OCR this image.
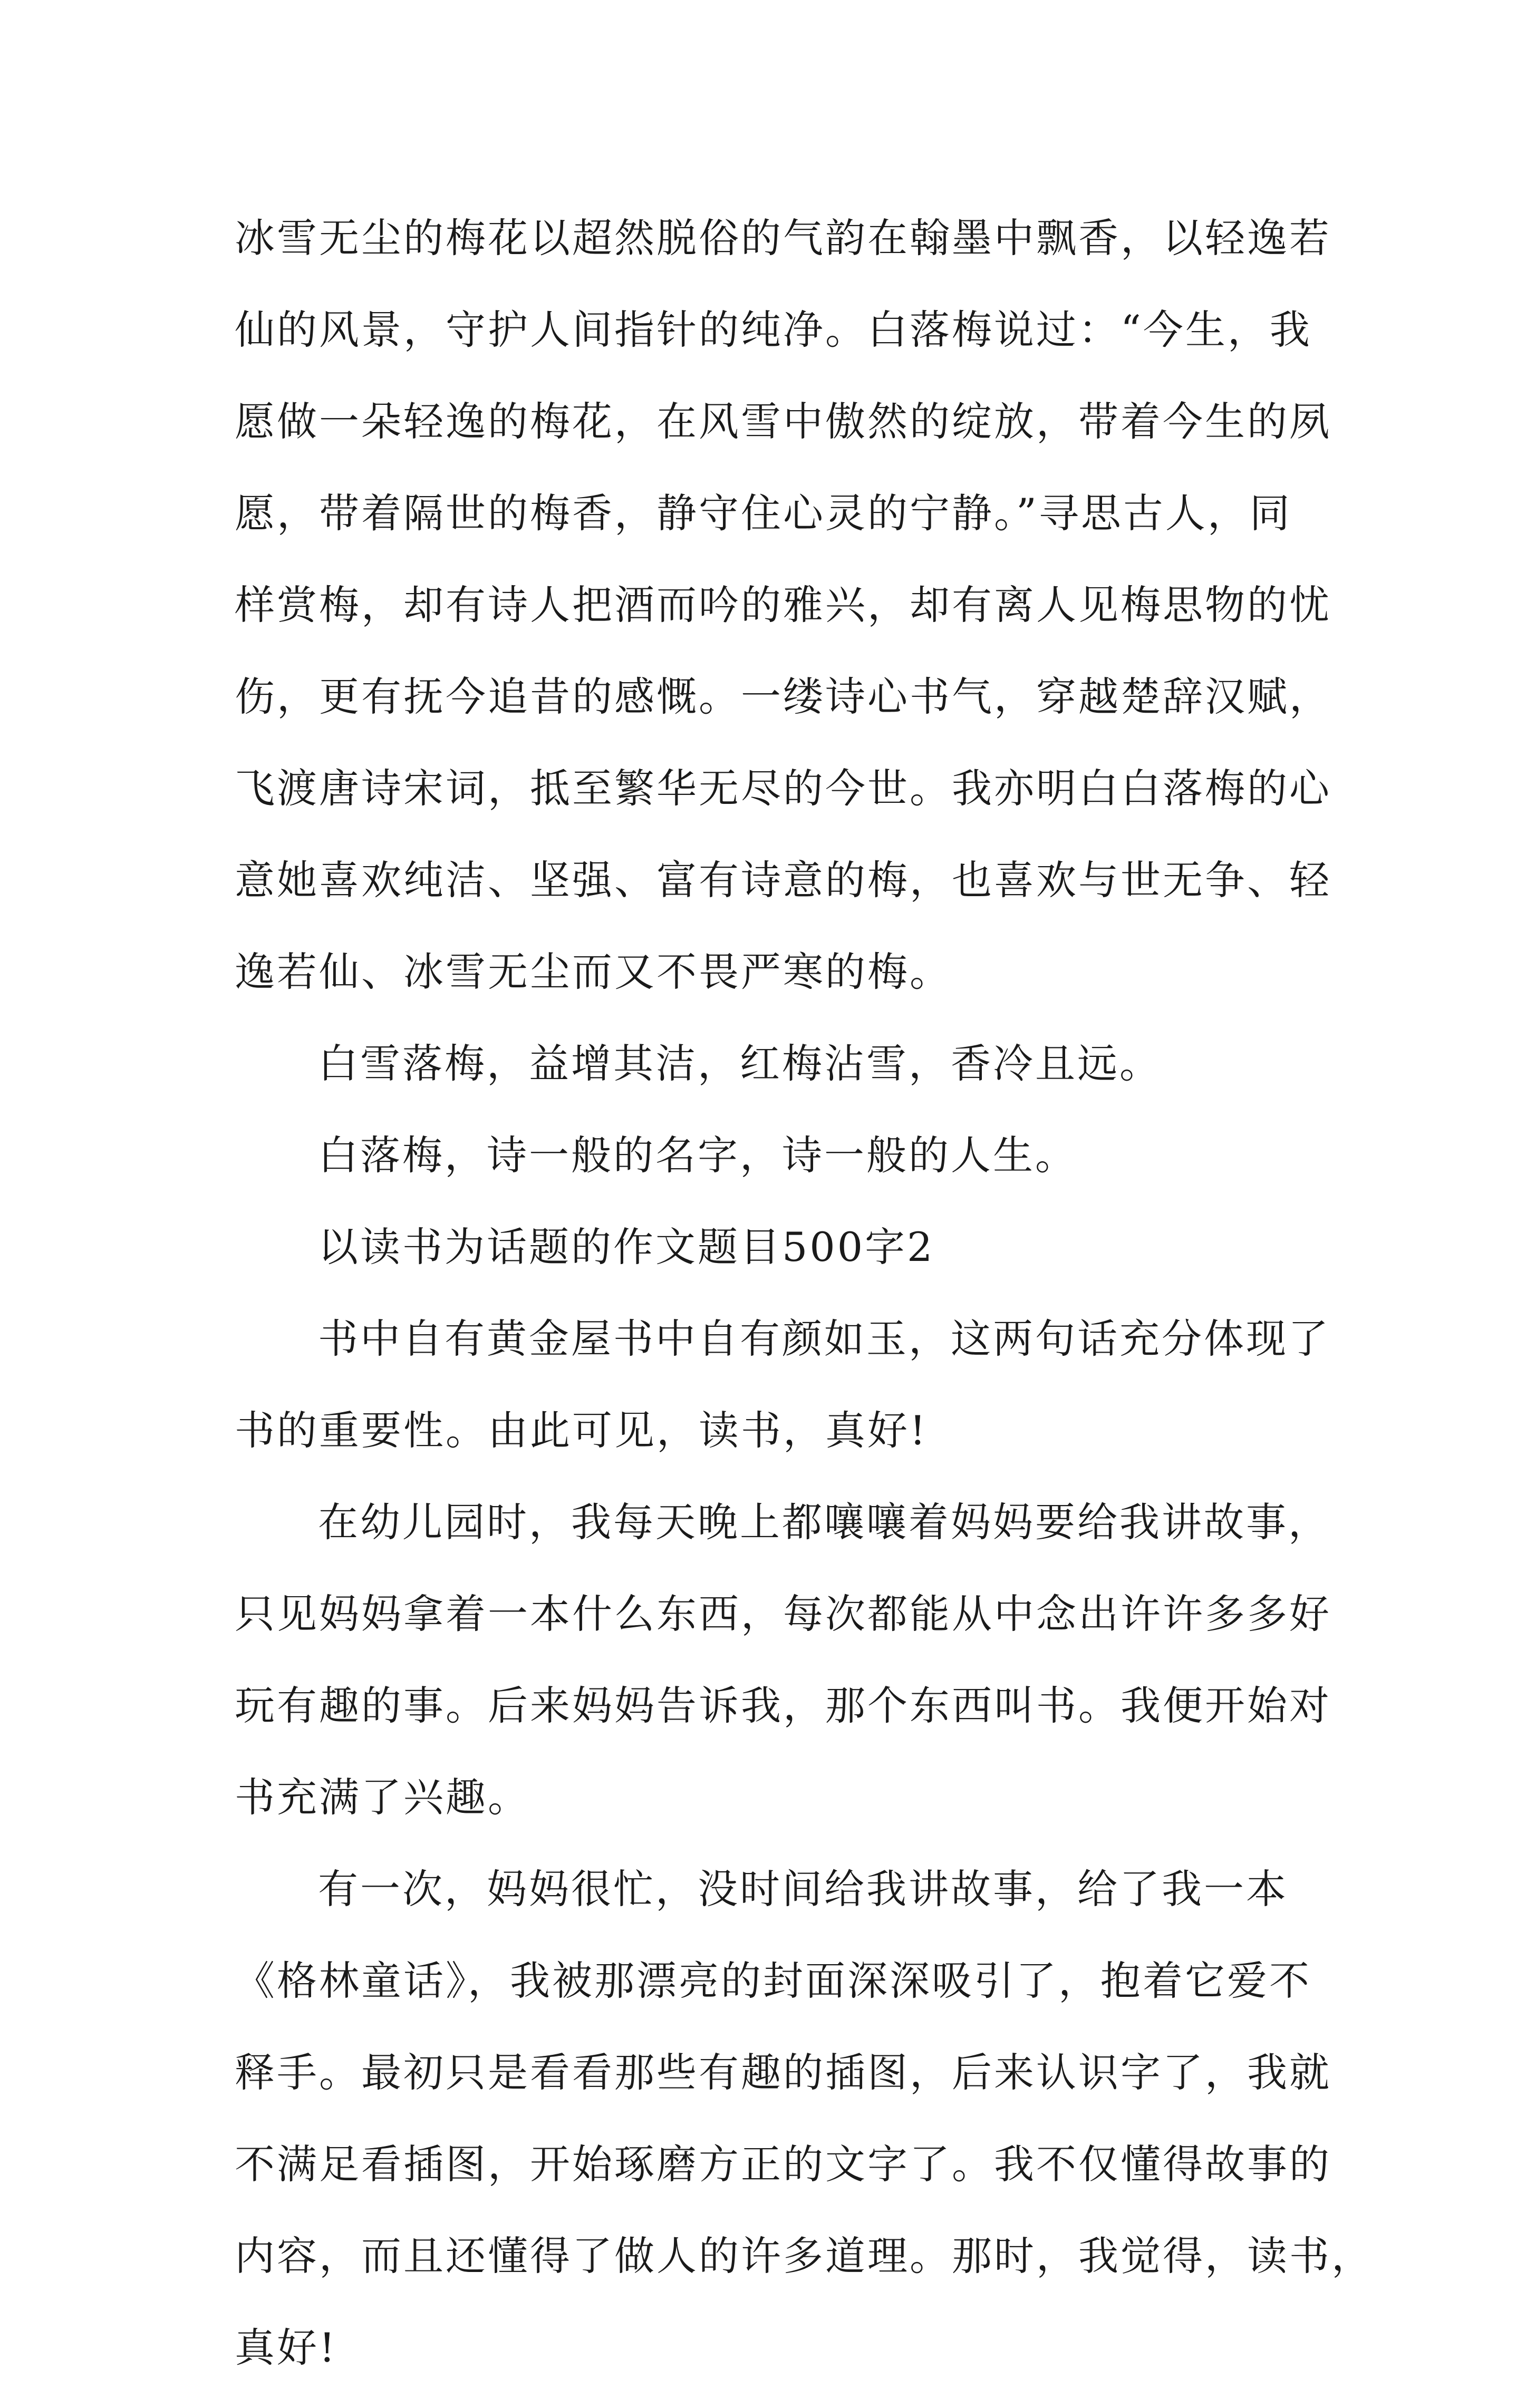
冰雪无尘的梅花以超然脱俗的气韵在翰墨中飘香，以轻逸若
仙的风景，守护人间指针的纯净。白落梅说过：“今生，我
愿做一朵轻逸的梅花，在风雪中傲然的绽放，带着今生的夙
愿，带着隔世的梅香，静守住心灵的宁静。”寻思古人，同
样赏梅，却有诗人把酒而吟的雅兴，却有离人见梅思物的忧
伤，更有抚今追昔的感慨。一缕诗心书气，穿越楚辞汉赋，
飞渡唐诗宋词，抵至繁华无尽的今世。我亦明白白落梅的心
意她喜欢纯洁、坚强、富有诗意的梅，也喜欢与世无争、轻
逸若仙、冰雪无尘而又不畏严寒的梅。
白雪落梅，益增其洁，红梅沾雪，香冷且远。
白落梅，诗一般的名字，诗一般的人生。
以读书为话题的作文题目500字2
书中自有黄金屋书中自有颜如玉，这两句话充分体现了
书的重要性。由此可见，读书，真好!
在幼儿园时，我每天晚上都嚷嚷着妈妈要给我讲故事，
只见妈妈拿着一本什么东西，每次都能从中念出许许多多好
玩有趣的事。后来妈妈告诉我，那个东西叫书。我便开始对
书充满了兴趣。
有一次，妈妈很忙，没时间给我讲故事，给了我一本
《格林童话》，我被那漂亮的封面深深吸引了，抱着它爱不
释手。最初只是看看那些有趣的插图，后来认识字了，我就
不满足看插图，开始琢磨方正的文字了。我不仅懂得故事的
内容，而且还懂得了做人的许多道理。那时，我觉得，读书，
真好!
